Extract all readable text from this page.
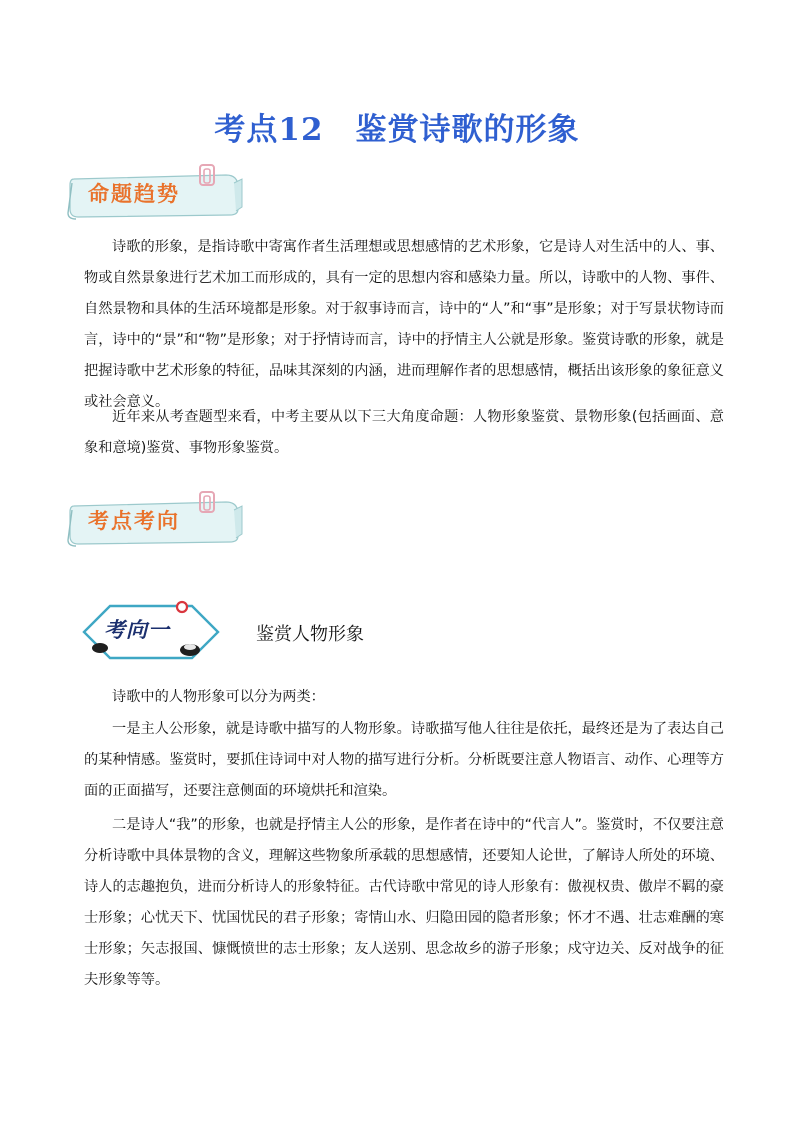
考点12　鉴赏诗歌的形象
命题趋势

诗歌的形象，是指诗歌中寄寓作者生活理想或思想感情的艺术形象，它是诗人对生活中的人、事、物或自然景象进行艺术加工而形成的，具有一定的思想内容和感染力量。所以，诗歌中的人物、事件、自然景物和具体的生活环境都是形象。对于叙事诗而言，诗中的“人”和“事”是形象；对于写景状物诗而言，诗中的“景”和“物”是形象；对于抒情诗而言，诗中的抒情主人公就是形象。鉴赏诗歌的形象，就是把握诗歌中艺术形象的特征，品味其深刻的内涵，进而理解作者的思想感情，概括出该形象的象征意义或社会意义。

近年来从考查题型来看，中考主要从以下三大角度命题：人物形象鉴赏、景物形象(包括画面、意象和意境)鉴赏、事物形象鉴赏。

考点考向
考向一	鉴赏人物形象

诗歌中的人物形象可以分为两类：

一是主人公形象，就是诗歌中描写的人物形象。诗歌描写他人往往是依托，最终还是为了表达自己的某种情感。鉴赏时，要抓住诗词中对人物的描写进行分析。分析既要注意人物语言、动作、心理等方面的正面描写，还要注意侧面的环境烘托和渲染。

二是诗人“我”的形象，也就是抒情主人公的形象，是作者在诗中的“代言人”。鉴赏时，不仅要注意分析诗歌中具体景物的含义，理解这些物象所承载的思想感情，还要知人论世，了解诗人所处的环境、诗人的志趣抱负，进而分析诗人的形象特征。古代诗歌中常见的诗人形象有：傲视权贵、傲岸不羁的豪士形象；心忧天下、忧国忧民的君子形象；寄情山水、归隐田园的隐者形象；怀才不遇、壮志难酬的寒士形象；矢志报国、慷慨愤世的志士形象；友人送别、思念故乡的游子形象；戍守边关、反对战争的征夫形象等等。
